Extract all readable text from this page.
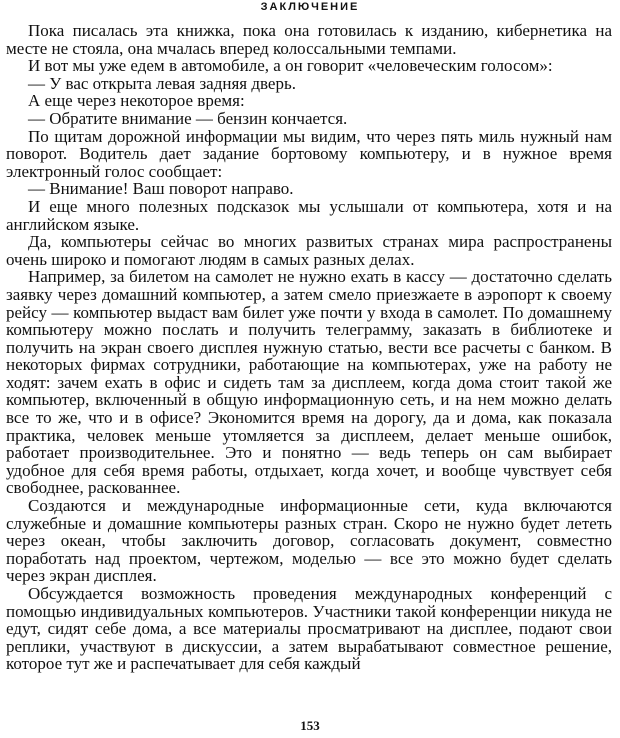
ЗАКЛЮЧЕНИЕ

Пока писалась эта книжка, пока она готовилась к изданию, кибернетика на месте не стояла, она мчалась вперед колоссальными темпами.

И вот мы уже едем в автомобиле, а он говорит «человеческим голосом»:

— У вас открыта левая задняя дверь.

А еще через некоторое время:

— Обратите внимание — бензин кончается.

По щитам дорожной информации мы видим, что через пять миль нужный нам поворот. Водитель дает задание бортовому компьютеру, и в нужное время электронный голос сообщает:

— Внимание! Ваш поворот направо.

И еще много полезных подсказок мы услышали от компьютера, хотя и на английском языке.

Да, компьютеры сейчас во многих развитых странах мира распространены очень широко и помогают людям в самых разных делах.

Например, за билетом на самолет не нужно ехать в кассу — достаточно сделать заявку через домашний компьютер, а затем смело приезжаете в аэропорт к своему рейсу — компьютер выдаст вам билет уже почти у входа в самолет. По домашнему компьютеру можно послать и получить телеграмму, заказать в библиотеке и получить на экран своего дисплея нужную статью, вести все расчеты с банком. В некоторых фирмах сотрудники, работающие на компьютерах, уже на работу не ходят: зачем ехать в офис и сидеть там за дисплеем, когда дома стоит такой же компьютер, включенный в общую информационную сеть, и на нем можно делать все то же, что и в офисе? Экономится время на дорогу, да и дома, как показала практика, человек меньше утомляется за дисплеем, делает меньше ошибок, работает производительнее. Это и понятно — ведь теперь он сам выбирает удобное для себя время работы, отдыхает, когда хочет, и вообще чувствует себя свободнее, раскованнее.

Создаются и международные информационные сети, куда включаются служебные и домашние компьютеры разных стран. Скоро не нужно будет лететь через океан, чтобы заключить договор, согласовать документ, совместно поработать над проектом, чертежом, моделью — все это можно будет сделать через экран дисплея.

Обсуждается возможность проведения международных конференций с помощью индивидуальных компьютеров. Участники такой конференции никуда не едут, сидят себе дома, а все материалы просматривают на дисплее, подают свои реплики, участвуют в дискуссии, а затем вырабатывают совместное решение, которое тут же и распечатывает для себя каждый

153
